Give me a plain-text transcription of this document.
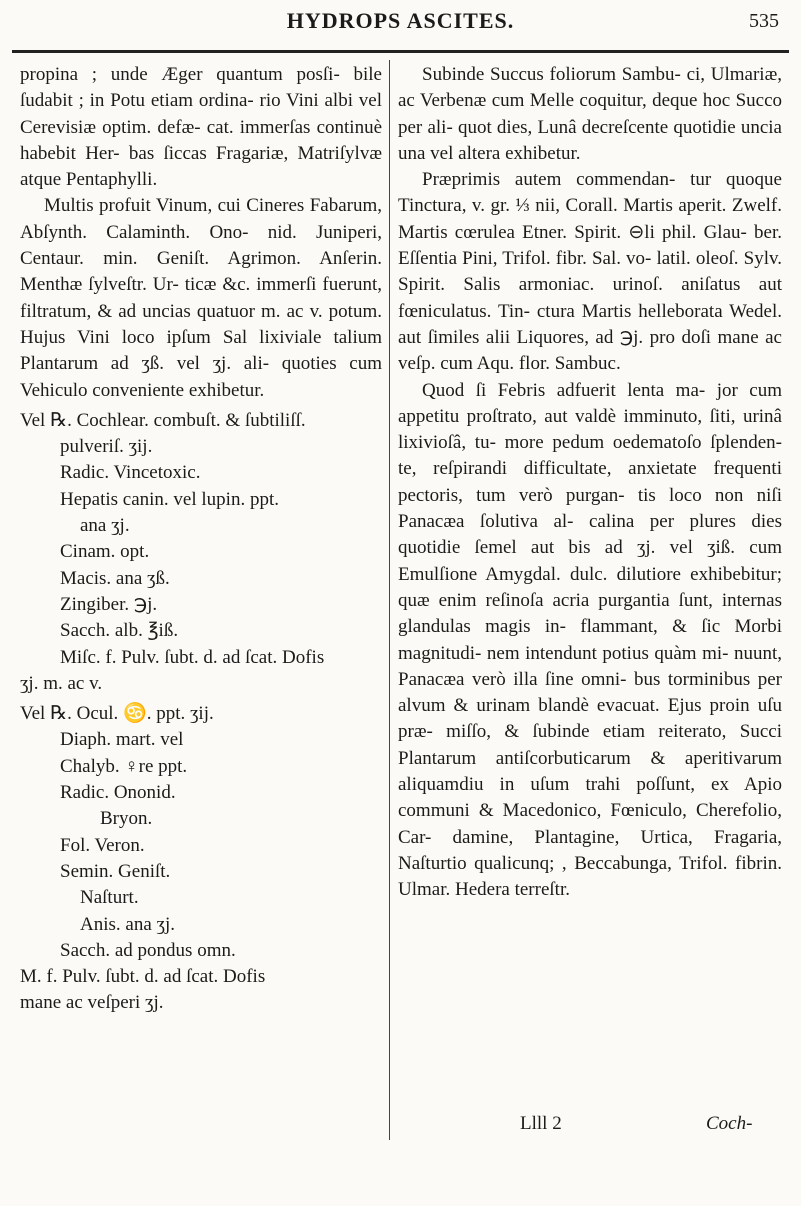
HYDROPS ASCITES.	535

propina ; unde Æger quantum posſi- bile ſudabit ; in Potu etiam ordina- rio Vini albi vel Cerevisiæ optim. defæ- cat. immerſas continuè habebit Her- bas ſiccas Fragariæ, Matriſylvæ atque Pentaphylli.

Multis profuit Vinum, cui Cineres Fabarum, Abſynth. Calaminth. Ono- nid. Juniperi, Centaur. min. Geniſt. Agrimon. Anſerin. Menthæ ſylveſtr. Ur- ticæ &c. immerſi fuerunt, filtratum, & ad uncias quatuor m. ac v. potum. Hujus Vini loco ipſum Sal lixiviale talium Plantarum ad ʒß. vel ʒj. ali- quoties cum Vehiculo conveniente exhibetur.

Vel ℞. Cochlear. combuſt. & ſubtiliſſ.
pulveriſ. ʒij.
Radic. Vincetoxic.
Hepatis canin. vel lupin. ppt.
ana ʒj.
Cinam. opt.
Macis. ana ʒß.
Zingiber. ℈j.
Sacch. alb. ℥iß.
Miſc. f. Pulv. ſubt. d. ad ſcat. Dofis
ʒj. m. ac v.
Vel ℞. Ocul. ♋. ppt. ʒij.
Diaph. mart. vel
Chalyb. ♀re ppt.
Radic. Ononid.
Bryon.
Fol. Veron.
Semin. Geniſt.
Naſturt.
Anis. ana ʒj.
Sacch. ad pondus omn.
M. f. Pulv. ſubt. d. ad ſcat. Dofis
mane ac veſperi ʒj.

Subinde Succus foliorum Sambu- ci, Ulmariæ, ac Verbenæ cum Melle coquitur, deque hoc Succo per ali- quot dies, Lunâ decreſcente quotidie uncia una vel altera exhibetur.

Præprimis autem commendan- tur quoque Tinctura, v. gr. ⅓ nii, Corall. Martis aperit. Zwelf. Martis cœrulea Etner. Spirit. ⊖li phil. Glau- ber. Eſſentia Pini, Trifol. fibr. Sal. vo- latil. oleoſ. Sylv. Spirit. Salis armoniac. urinoſ. aniſatus aut fœniculatus. Tin- ctura Martis helleborata Wedel. aut ſimiles alii Liquores, ad ℈j. pro doſi mane ac veſp. cum Aqu. flor. Sambuc.

Quod ſi Febris adfuerit lenta ma- jor cum appetitu proſtrato, aut valdè imminuto, ſiti, urinâ lixivioſâ, tu- more pedum oedematoſo ſplenden- te, reſpirandi difficultate, anxietate frequenti pectoris, tum verò purgan- tis loco non niſi Panacæa ſolutiva al- calina per plures dies quotidie ſemel aut bis ad ʒj. vel ʒiß. cum Emulſione Amygdal. dulc. dilutiore exhibebitur; quæ enim reſinoſa acria purgantia ſunt, internas glandulas magis in- flammant, & ſic Morbi magnitudi- nem intendunt potius quàm mi- nuunt, Panacæa verò illa ſine omni- bus torminibus per alvum & urinam blandè evacuat. Ejus proin uſu præ- miſſo, & ſubinde etiam reiterato, Succi Plantarum antiſcorbuticarum & aperitivarum aliquamdiu in uſum trahi poſſunt, ex Apio communi & Macedonico, Fœniculo, Cherefolio, Car- damine, Plantagine, Urtica, Fragaria, Naſturtio qualicunq; , Beccabunga, Trifol. fibrin. Ulmar. Hedera terreſtr.

Llll 2	Coch-
